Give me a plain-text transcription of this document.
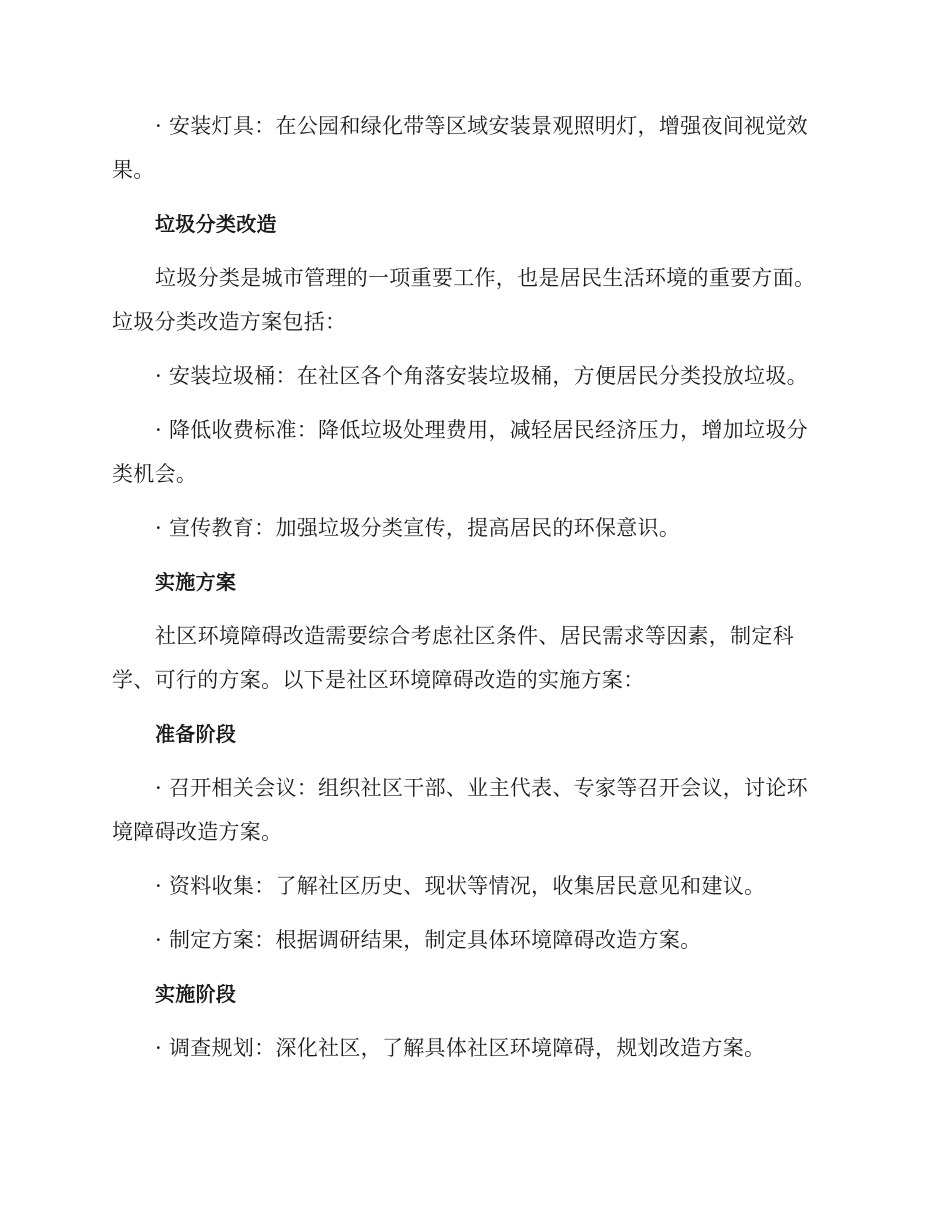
· 安装灯具：在公园和绿化带等区域安装景观照明灯，增强夜间视觉效果。

垃圾分类改造

垃圾分类是城市管理的一项重要工作，也是居民生活环境的重要方面。垃圾分类改造方案包括：

· 安装垃圾桶：在社区各个角落安装垃圾桶，方便居民分类投放垃圾。

· 降低收费标准：降低垃圾处理费用，减轻居民经济压力，增加垃圾分类机会。

· 宣传教育：加强垃圾分类宣传，提高居民的环保意识。

实施方案

社区环境障碍改造需要综合考虑社区条件、居民需求等因素，制定科学、可行的方案。以下是社区环境障碍改造的实施方案：

准备阶段

· 召开相关会议：组织社区干部、业主代表、专家等召开会议，讨论环境障碍改造方案。

· 资料收集：了解社区历史、现状等情况，收集居民意见和建议。

· 制定方案：根据调研结果，制定具体环境障碍改造方案。

实施阶段

· 调查规划：深化社区，了解具体社区环境障碍，规划改造方案。
